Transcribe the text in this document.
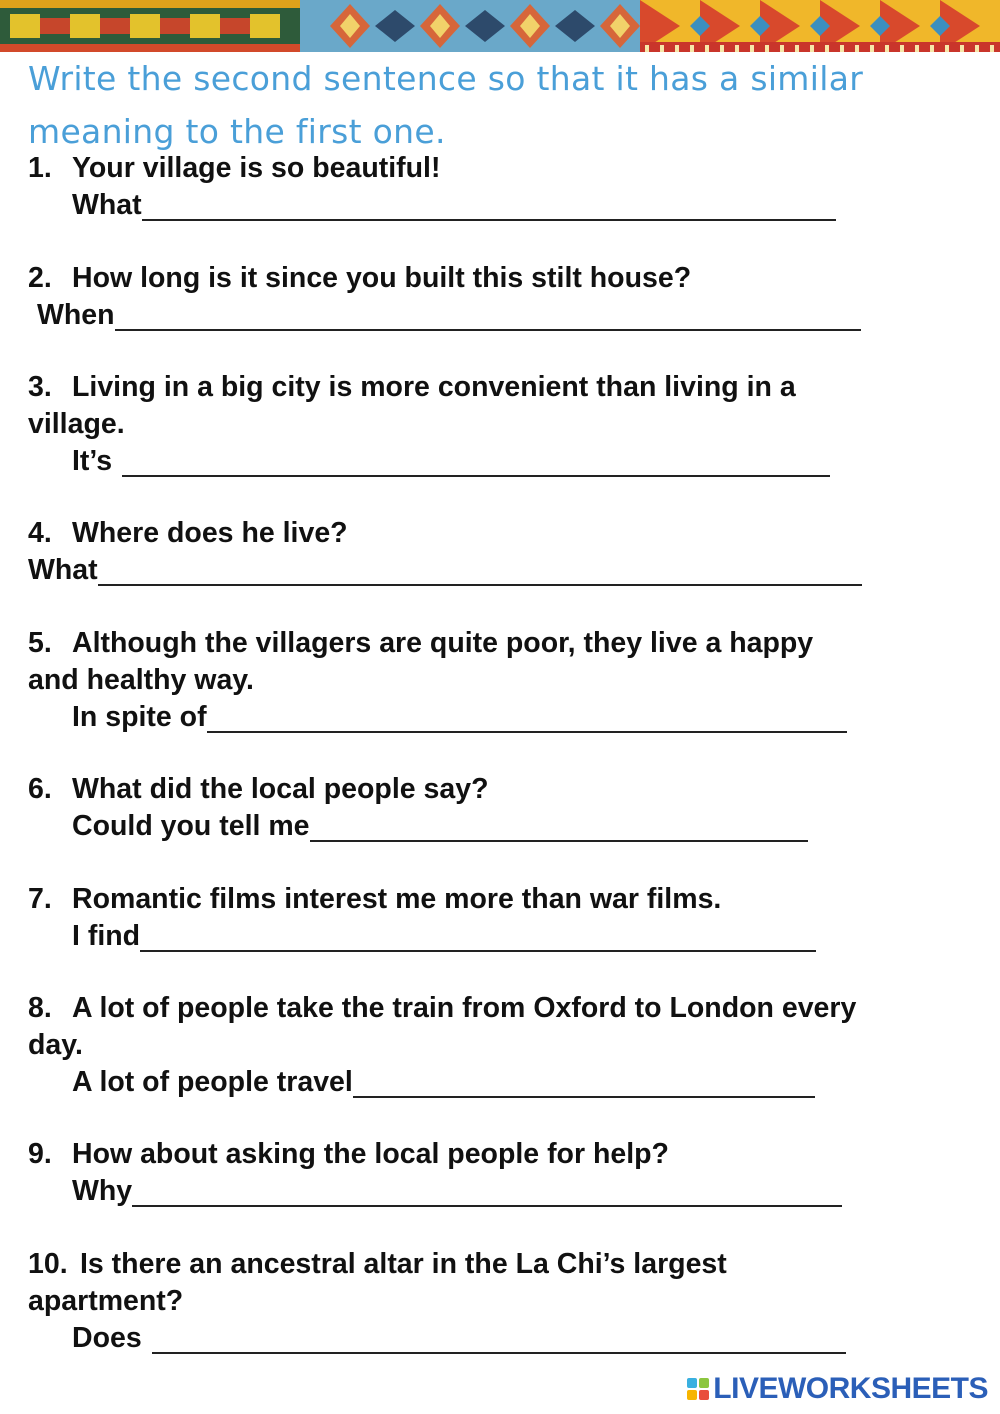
Write the second sentence so that it has a similar meaning to the first one.
1. Your village is so beautiful!
What
2. How long is it since you built this stilt house?
When
3. Living in a big city is more convenient than living in a
village.
It’s
4. Where does he live?
What
5. Although the villagers are quite poor, they live a happy
and healthy way.
In spite of
6. What did the local people say?
Could you tell me
7. Romantic films interest me more than war films.
I find
8. A lot of people take the train from Oxford to London every
day.
A lot of people travel
9. How about asking the local people for help?
Why
10. Is there an ancestral altar in the La Chi’s largest
apartment?
Does
LIVEWORKSHEETS
